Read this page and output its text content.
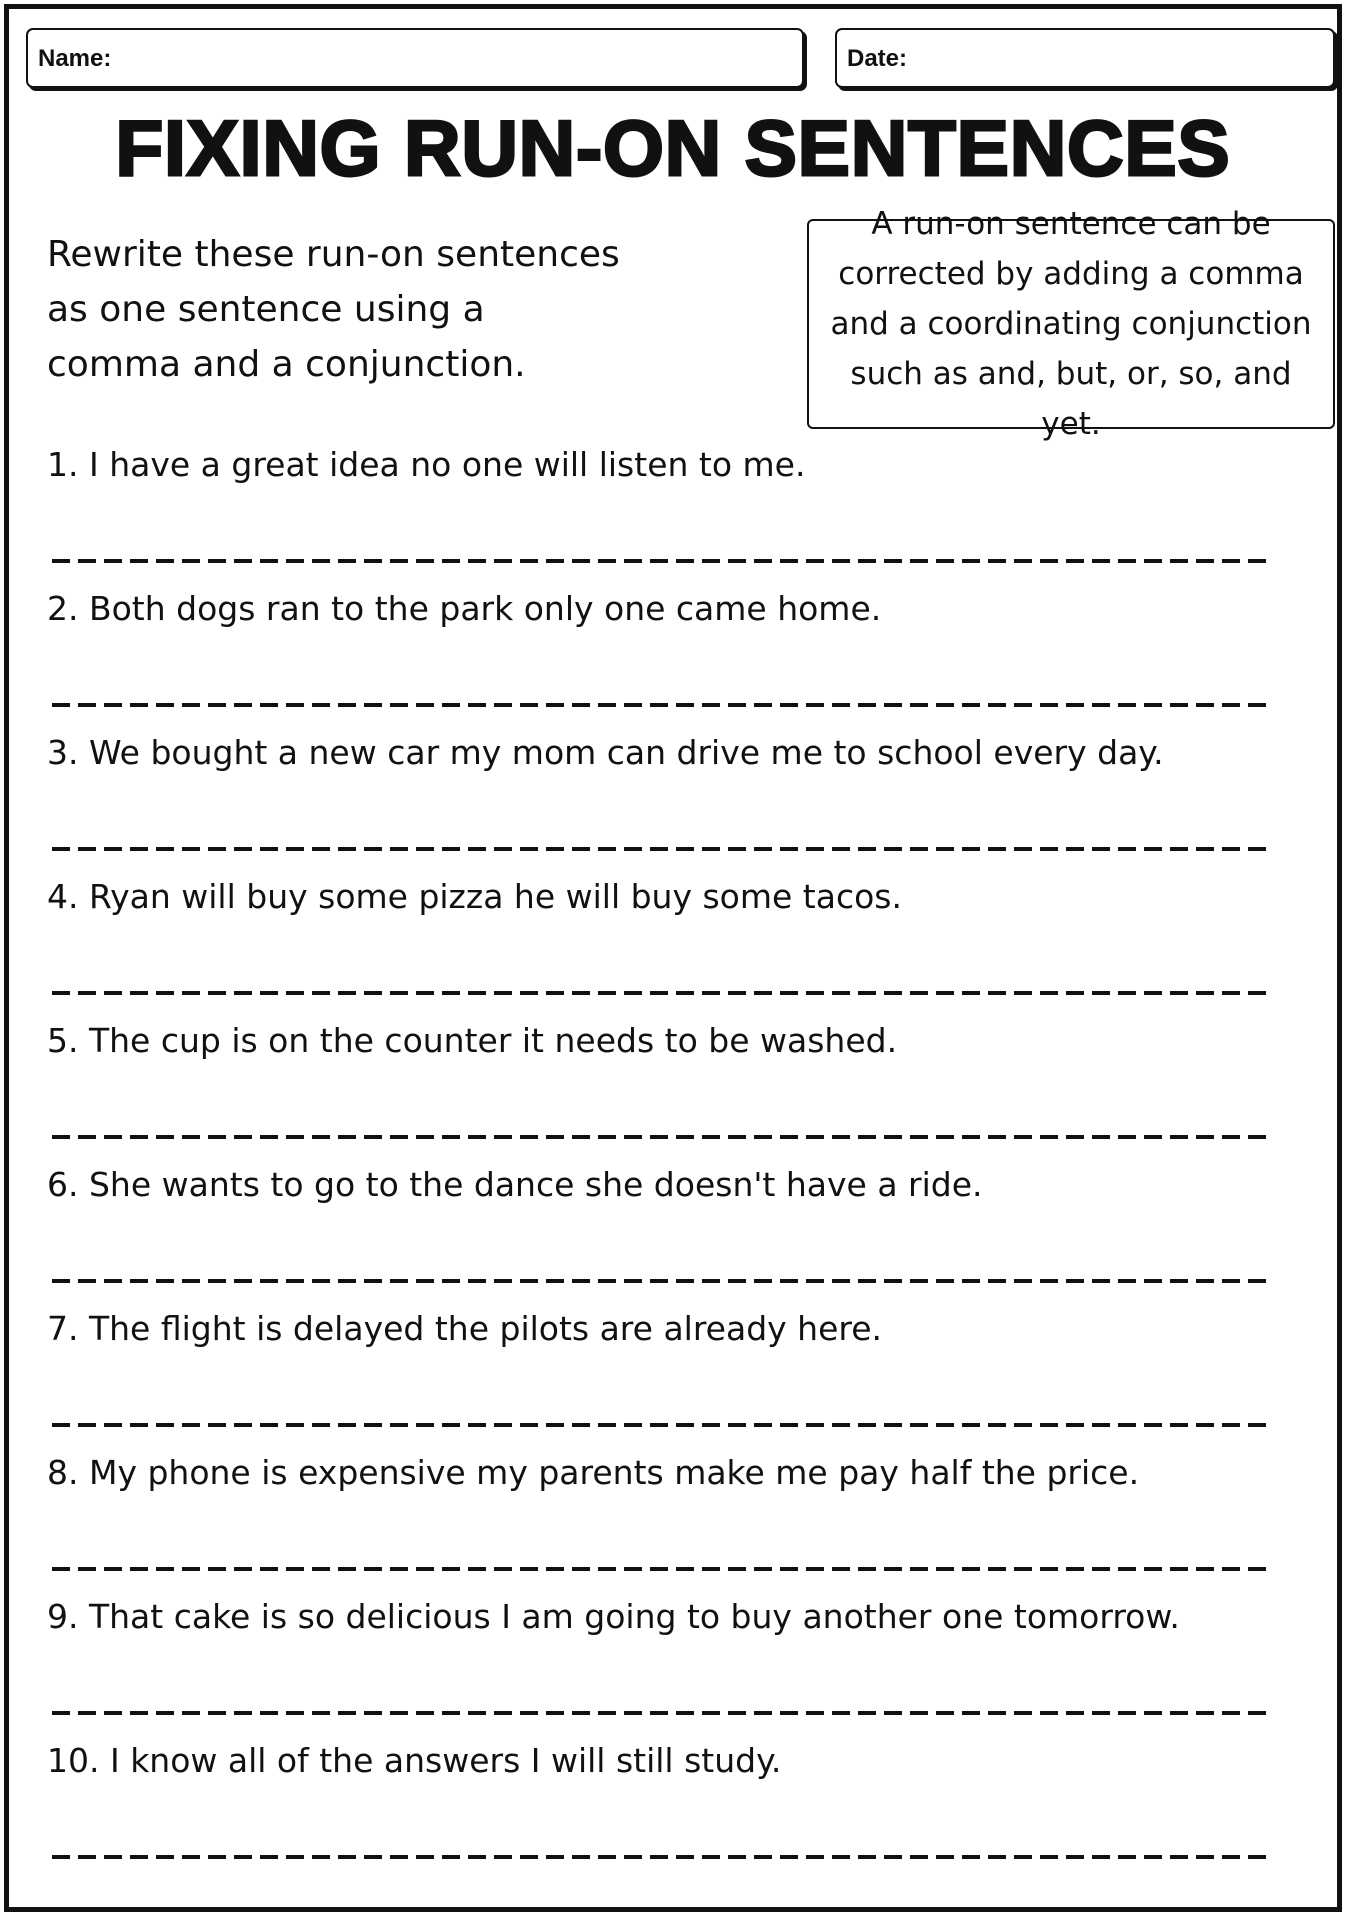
Name:	Date:
FIXING RUN-ON SENTENCES
Rewrite these run-on sentences as one sentence using a comma and a conjunction.
A run-on sentence can be corrected by adding a comma and a coordinating conjunction such as and, but, or, so, and yet.
1. I have a great idea no one will listen to me.
2. Both dogs ran to the park only one came home.
3. We bought a new car my mom can drive me to school every day.
4. Ryan will buy some pizza he will buy some tacos.
5. The cup is on the counter it needs to be washed.
6. She wants to go to the dance she doesn't have a ride.
7. The flight is delayed the pilots are already here.
8. My phone is expensive my parents make me pay half the price.
9. That cake is so delicious I am going to buy another one tomorrow.
10. I know all of the answers I will still study.
